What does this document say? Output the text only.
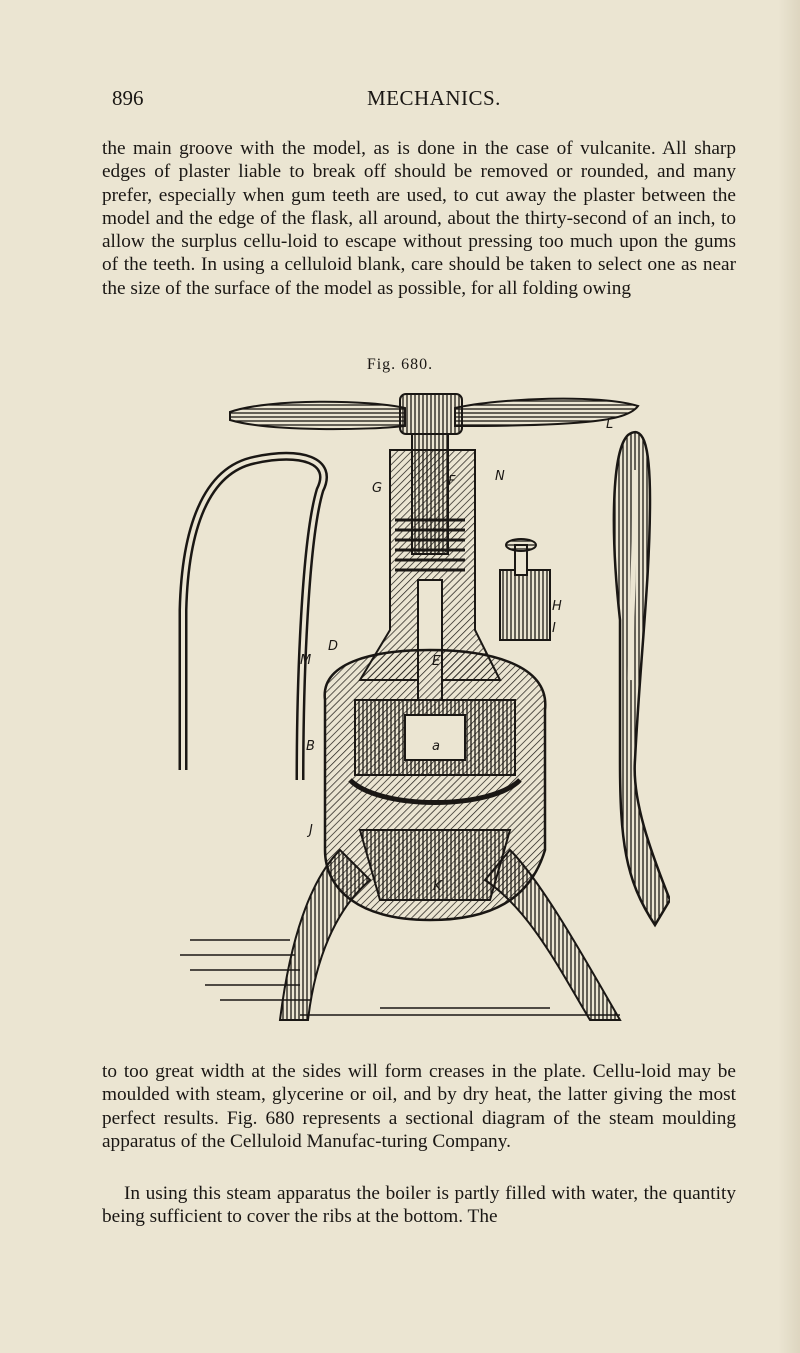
896	MECHANICS.

the main groove with the model, as is done in the case of vulcanite. All sharp edges of plaster liable to break off should be removed or rounded, and many prefer, especially when gum teeth are used, to cut away the plaster between the model and the edge of the flask, all around, about the thirty-second of an inch, to allow the surplus cellu-loid to escape without pressing too much upon the gums of the teeth. In using a celluloid blank, care should be taken to select one as near the size of the surface of the model as possible, for all folding owing

Fig. 680.
G	F	N
L
H
I
M
D
E
B	a
J
K

to too great width at the sides will form creases in the plate. Cellu-loid may be moulded with steam, glycerine or oil, and by dry heat, the latter giving the most perfect results. Fig. 680 represents a sectional diagram of the steam moulding apparatus of the Celluloid Manufac-turing Company.

In using this steam apparatus the boiler is partly filled with water, the quantity being sufficient to cover the ribs at the bottom. The
